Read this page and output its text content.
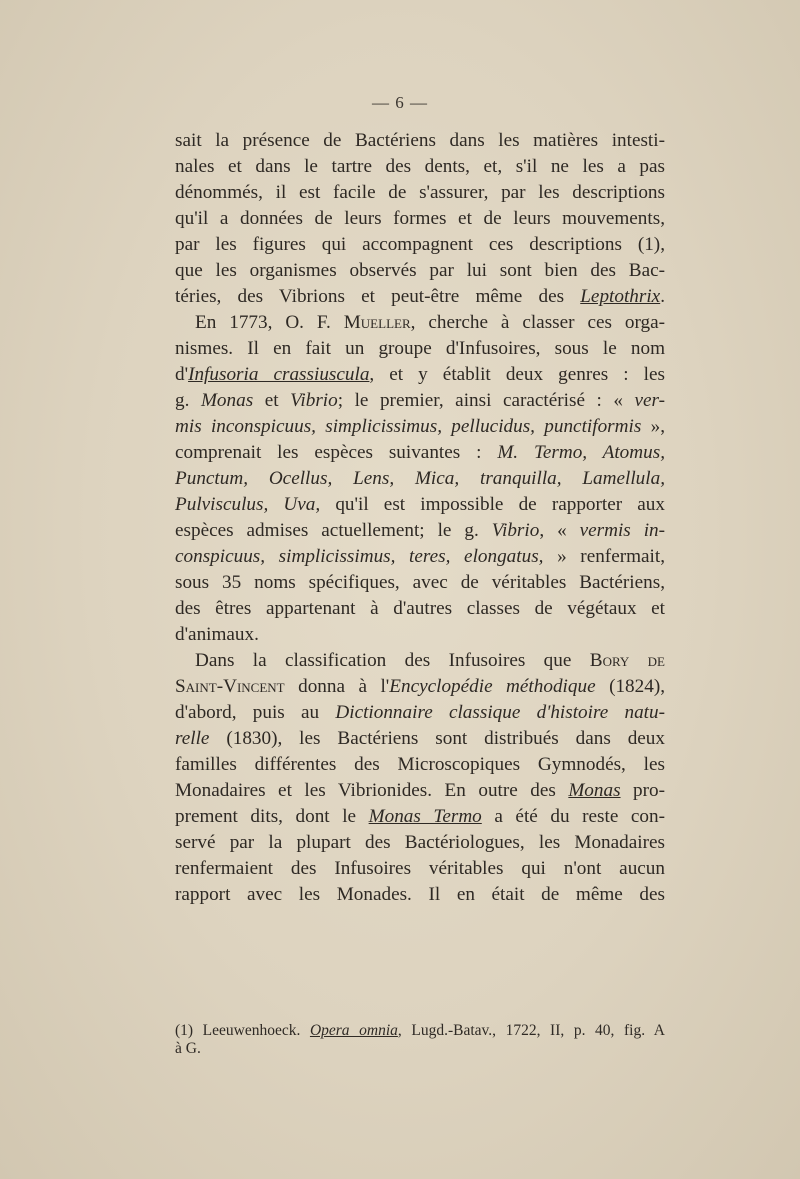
— 6 —
sait la présence de Bactériens dans les matières intesti-
nales et dans le tartre des dents, et, s'il ne les a pas
dénommés, il est facile de s'assurer, par les descriptions
qu'il a données de leurs formes et de leurs mouvements,
par les figures qui accompagnent ces descriptions (1),
que les organismes observés par lui sont bien des Bac-
téries, des Vibrions et peut-être même des Leptothrix.
En 1773, O. F. Mueller, cherche à classer ces orga-
nismes. Il en fait un groupe d'Infusoires, sous le nom
d'Infusoria crassiuscula, et y établit deux genres : les
g. Monas et Vibrio; le premier, ainsi caractérisé : « ver-
mis inconspicuus, simplicissimus, pellucidus, punctiformis »,
comprenait les espèces suivantes : M. Termo, Atomus,
Punctum, Ocellus, Lens, Mica, tranquilla, Lamellula,
Pulvisculus, Uva, qu'il est impossible de rapporter aux
espèces admises actuellement; le g. Vibrio, « vermis in-
conspicuus, simplicissimus, teres, elongatus, » renfermait,
sous 35 noms spécifiques, avec de véritables Bactériens,
des êtres appartenant à d'autres classes de végétaux et
d'animaux.
Dans la classification des Infusoires que Bory de
Saint-Vincent donna à l'Encyclopédie méthodique (1824),
d'abord, puis au Dictionnaire classique d'histoire natu-
relle (1830), les Bactériens sont distribués dans deux
familles différentes des Microscopiques Gymnodés, les
Monadaires et les Vibrionides. En outre des Monas pro-
prement dits, dont le Monas Termo a été du reste con-
servé par la plupart des Bactériologues, les Monadaires
renfermaient des Infusoires véritables qui n'ont aucun
rapport avec les Monades. Il en était de même des
(1) Leeuwenhoeck. Opera omnia, Lugd.-Batav., 1722, II, p. 40, fig. A
à G.
